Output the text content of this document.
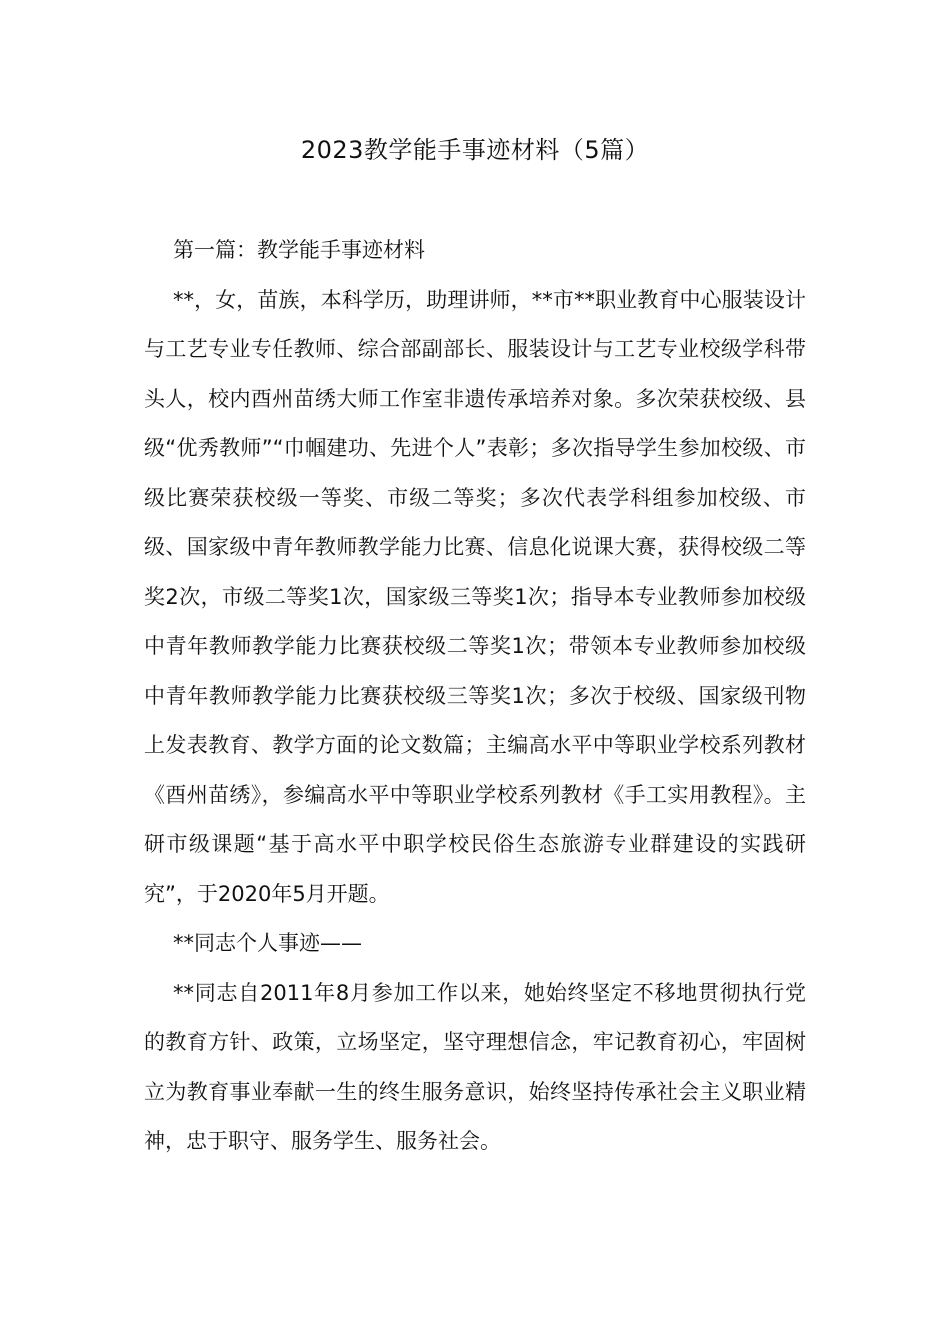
2023教学能手事迹材料（5篇）

第一篇：教学能手事迹材料

**，女，苗族，本科学历，助理讲师，**市**职业教育中心服装设计与工艺专业专任教师、综合部副部长、服装设计与工艺专业校级学科带头人，校内酉州苗绣大师工作室非遗传承培养对象。多次荣获校级、县级“优秀教师”“巾帼建功、先进个人”表彰；多次指导学生参加校级、市级比赛荣获校级一等奖、市级二等奖；多次代表学科组参加校级、市级、国家级中青年教师教学能力比赛、信息化说课大赛，获得校级二等奖2次，市级二等奖1次，国家级三等奖1次；指导本专业教师参加校级中青年教师教学能力比赛获校级二等奖1次；带领本专业教师参加校级中青年教师教学能力比赛获校级三等奖1次；多次于校级、国家级刊物上发表教育、教学方面的论文数篇；主编高水平中等职业学校系列教材《酉州苗绣》，参编高水平中等职业学校系列教材《手工实用教程》。主研市级课题“基于高水平中职学校民俗生态旅游专业群建设的实践研究”，于2020年5月开题。

**同志个人事迹——

**同志自2011年8月参加工作以来，她始终坚定不移地贯彻执行党的教育方针、政策，立场坚定，坚守理想信念，牢记教育初心，牢固树立为教育事业奉献一生的终生服务意识，始终坚持传承社会主义职业精神，忠于职守、服务学生、服务社会。
